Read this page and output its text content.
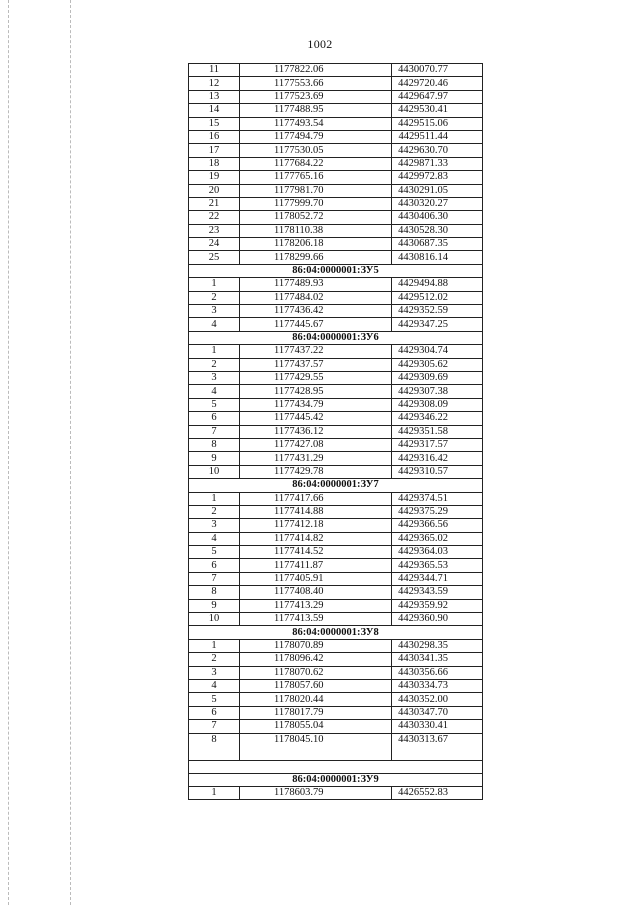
1002
11	1177822.06	4430070.77
12	1177553.66	4429720.46
13	1177523.69	4429647.97
14	1177488.95	4429530.41
15	1177493.54	4429515.06
16	1177494.79	4429511.44
17	1177530.05	4429630.70
18	1177684.22	4429871.33
19	1177765.16	4429972.83
20	1177981.70	4430291.05
21	1177999.70	4430320.27
22	1178052.72	4430406.30
23	1178110.38	4430528.30
24	1178206.18	4430687.35
25	1178299.66	4430816.14
86:04:0000001:ЗУ5		
1	1177489.93	4429494.88
2	1177484.02	4429512.02
3	1177436.42	4429352.59
4	1177445.67	4429347.25
86:04:0000001:ЗУ6		
1	1177437.22	4429304.74
2	1177437.57	4429305.62
3	1177429.55	4429309.69
4	1177428.95	4429307.38
5	1177434.79	4429308.09
6	1177445.42	4429346.22
7	1177436.12	4429351.58
8	1177427.08	4429317.57
9	1177431.29	4429316.42
10	1177429.78	4429310.57
86:04:0000001:ЗУ7		
1	1177417.66	4429374.51
2	1177414.88	4429375.29
3	1177412.18	4429366.56
4	1177414.82	4429365.02
5	1177414.52	4429364.03
6	1177411.87	4429365.53
7	1177405.91	4429344.71
8	1177408.40	4429343.59
9	1177413.29	4429359.92
10	1177413.59	4429360.90
86:04:0000001:ЗУ8		
1	1178070.89	4430298.35
2	1178096.42	4430341.35
3	1178070.62	4430356.66
4	1178057.60	4430334.73
5	1178020.44	4430352.00
6	1178017.79	4430347.70
7	1178055.04	4430330.41
8	1178045.10	4430313.67

86:04:0000001:ЗУ9		
1	1178603.79	4426552.83
